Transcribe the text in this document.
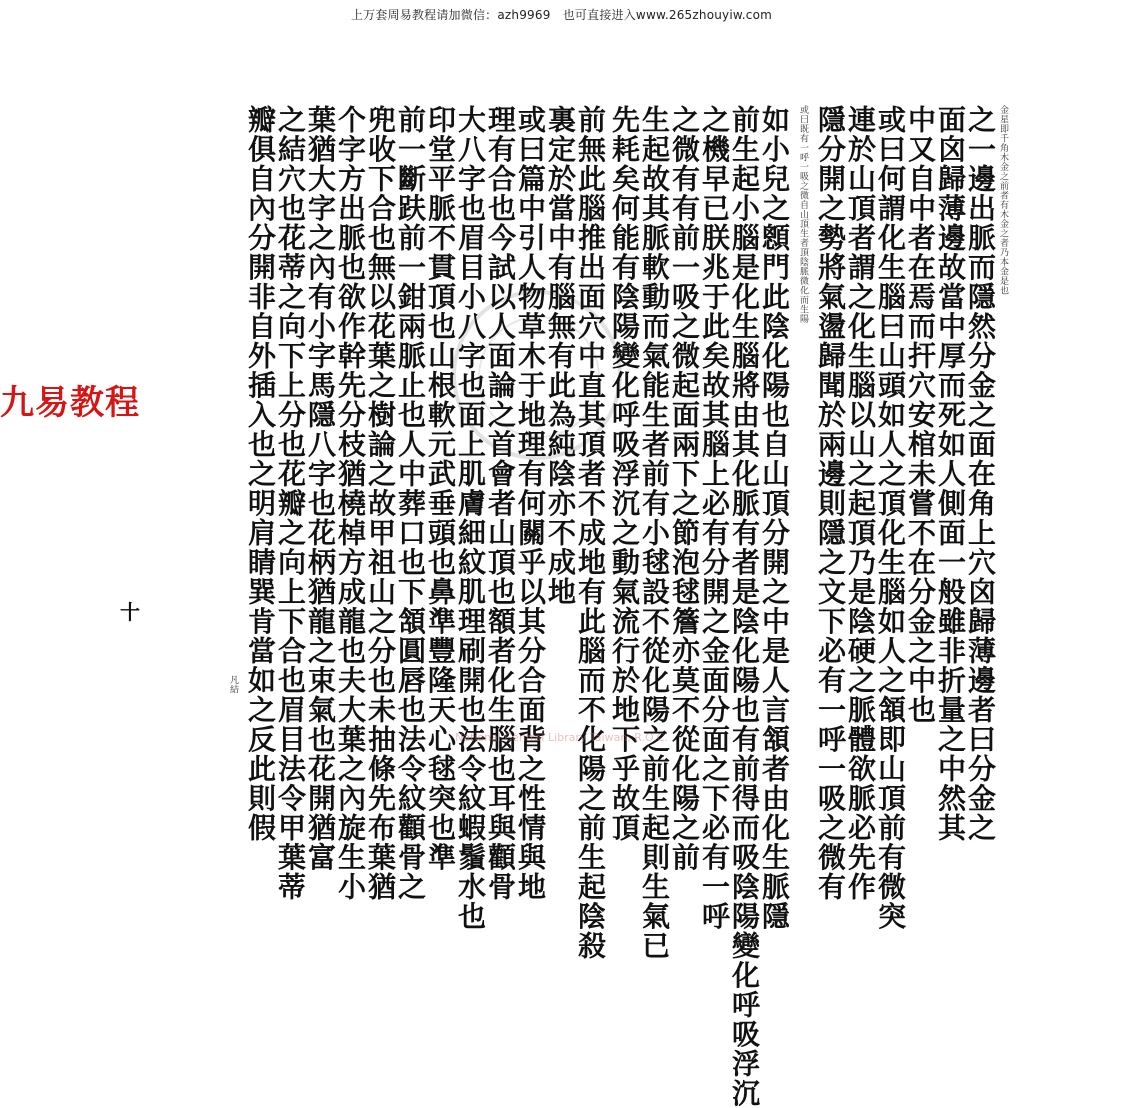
上万套周易教程请加微信：azh9969　也可直接进入www.265zhouyiw.com
九易教程
金星即千角木金之前者有木金之者乃本金是也
之一邊出脈而隱然分金之面在角上穴囟歸薄邊者曰分金之
面囟歸薄邊故當中厚而死如人側面一般雖非折量之中然其
中又自中者在焉而扞穴安棺未嘗不在分金之中也
或曰何謂化生腦曰山頭如人之頂化生腦如人之頷即山頂前有微突
連於山頂者謂之化生腦以山之起頂乃是陰硬之脈體欲脈必先作
隱分開之勢將氣盪歸聞於兩邊則隱之文下必有一呼一吸之微有
或曰既有一呼一吸之微自山頂生者頂陰脈微化而生陽
如小兒之顖門此陰化陽也自山頂分開之中是人言頷者由化生脈隱
前生起小腦是化生腦將由其化脈有者是陰化陽也有前得而吸陰陽變化呼吸浮沉
之機早已朕兆于此矣故其腦上必有分開之金面分面之下必有一呼
之微有有前一吸之微起面兩下之節泡毬簷亦莫不從化陽之前
生起故其脈軟動而氣能生者前有小毬設不從化陽之前生起則生氣已
先耗矣何能有陰陽變化呼吸浮沉之動氣流行於地下乎故頂
前無此腦推出面穴中直其頂者不成地有此腦而不化陽之前生起陰殺
裏定於當中有腦無有此為純陰亦不成地
或曰篇中引人物草木于地理有何關乎以其分合面背之性情與地
理有合也今試以人面論之首會者山頂也額者化生腦也耳與顴骨
大八字也眉目小八字也面上肌膚細紋肌理刷開也法令紋蝦鬚水也
印堂平脈不貫頂也山根軟元武垂頭也鼻準豐隆天心毬突也準
前一斷趺前一鉗兩脈止也人中葬口也下頷圓唇也法令紋顴骨之
兜收下合也無以花葉之樹論之故甲祖山之分也未抽條先布葉猶
个字方出脈也欲作幹先分枝猶橈棹方成龍也夫大葉之內旋生小
葉猶大字之內有小字馬隱八字也花柄猶龍之束氣也花開猶富
之結穴也花蒂之向下上分也花瓣之向上下合也眉目法令甲葉蒂
瓣俱自內分開非自外插入也之明肩睛巽肯當如之反此則假
凡結
十
National Central Library Taiwan, R.O.C.
